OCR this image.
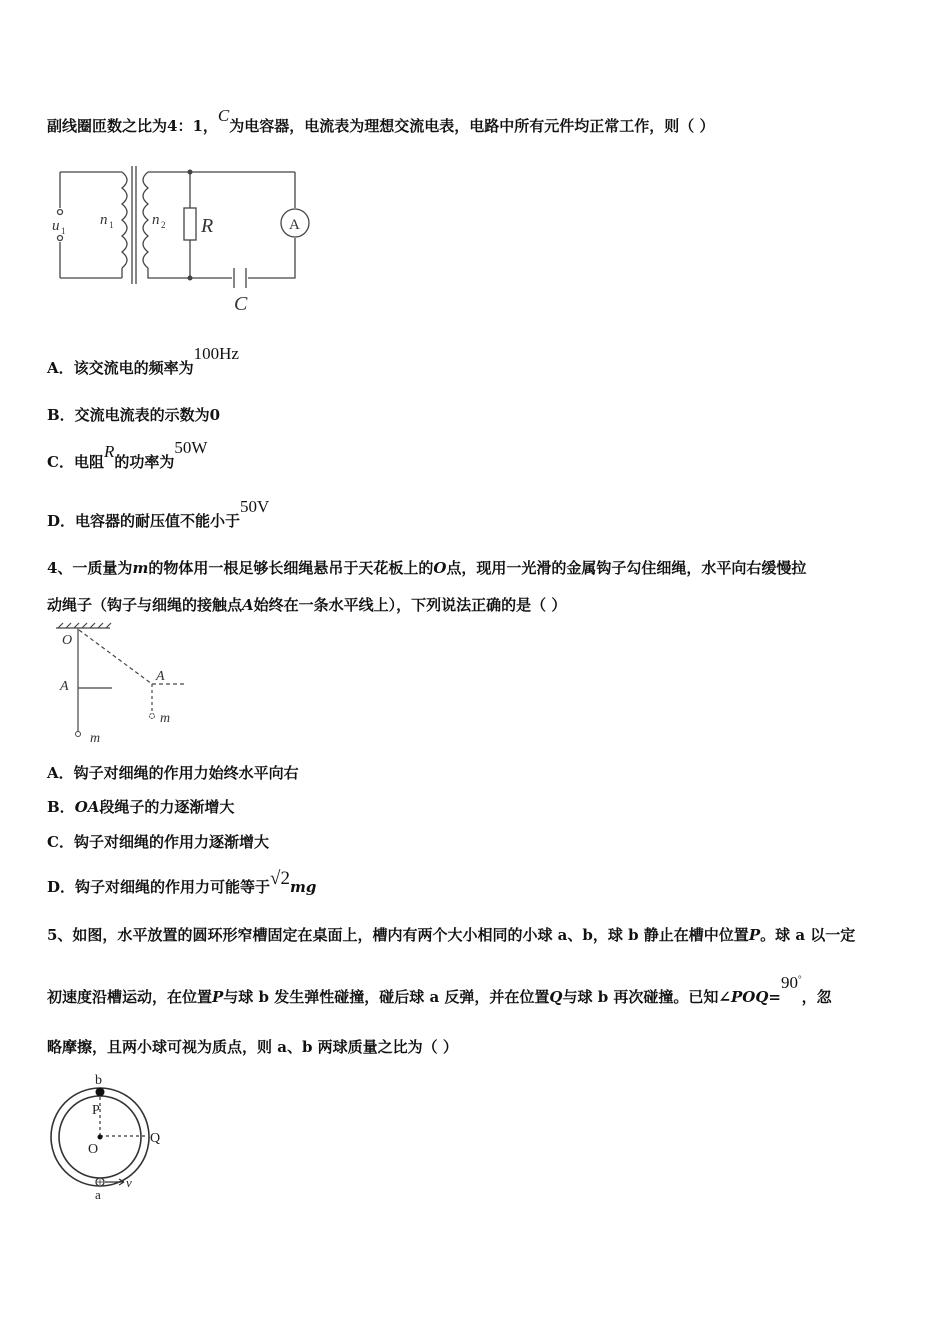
副线圈匝数之比为4：1，C为电容器，电流表为理想交流电表，电路中所有元件均正常工作，则（ ）
u 1
n 1	n 2 R	A
C
A．该交流电的频率为100Hz
B．交流电流表的示数为0
C．电阻R的功率为50W
D．电容器的耐压值不能小于50V
4、一质量为m的物体用一根足够长细绳悬吊于天花板上的O点，现用一光滑的金属钩子勾住细绳，水平向右缓慢拉
动绳子（钩子与细绳的接触点A始终在一条水平线上），下列说法正确的是（ ）
O
A
A
m
m
A．钩子对细绳的作用力始终水平向右
B．OA段绳子的力逐渐增大
C．钩子对细绳的作用力逐渐增大
D．钩子对细绳的作用力可能等于√2mg
5、如图，水平放置的圆环形窄槽固定在桌面上，槽内有两个大小相同的小球 a、b，球 b 静止在槽中位置P。球 a 以一定
初速度沿槽运动，在位置P与球 b 发生弹性碰撞，碰后球 a 反弹，并在位置Q与球 b 再次碰撞。已知∠POQ=90°，忽
略摩擦，且两小球可视为质点，则 a、b 两球质量之比为（ ）
b
P
O
Q
a
v
